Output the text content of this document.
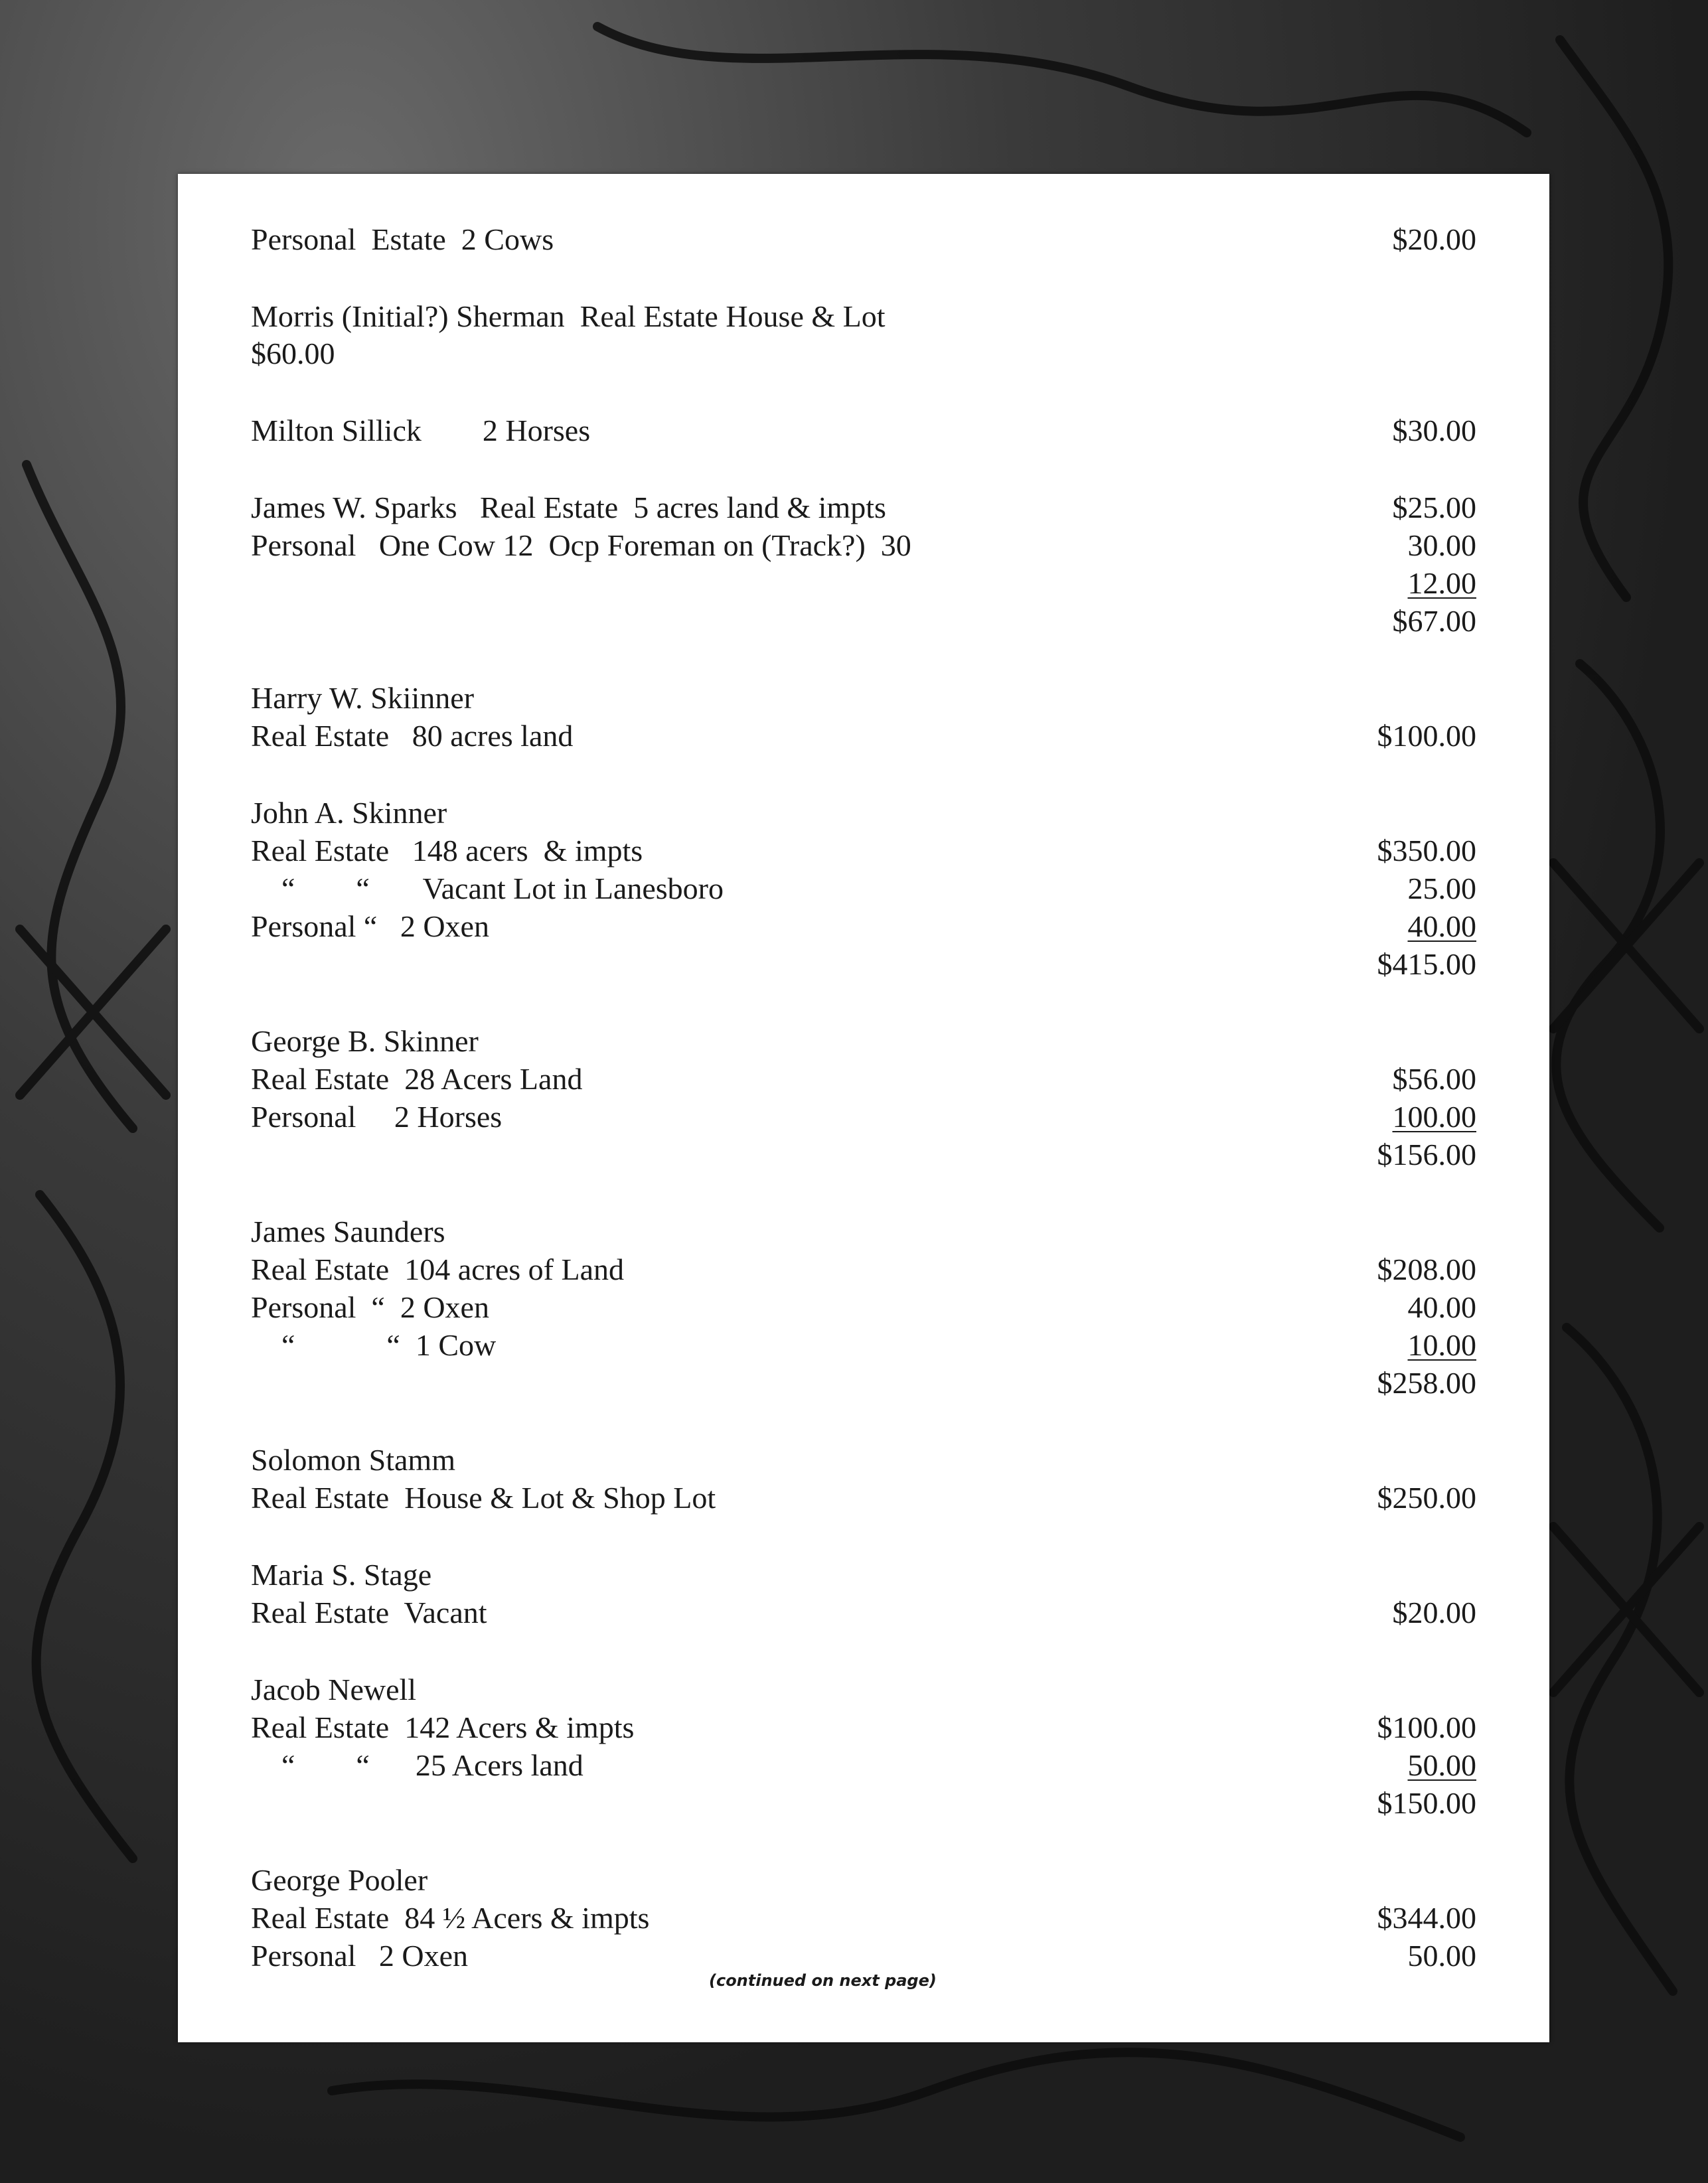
Personal  Estate  2 Cows	$20.00
Morris (Initial?) Sherman  Real Estate House & Lot
$60.00
Milton Sillick        2 Horses	$30.00
James W. Sparks   Real Estate  5 acres land & impts	$25.00
Personal   One Cow 12  Ocp Foreman on (Track?)  30	30.00
12.00
$67.00
Harry W. Skiinner
Real Estate   80 acres land	$100.00
John A. Skinner
Real Estate   148 acers  & impts	$350.00
“        “       Vacant Lot in Lanesboro	25.00
Personal “   2 Oxen	40.00
$415.00
George B. Skinner
Real Estate  28 Acers Land	$56.00
Personal     2 Horses	100.00
$156.00
James Saunders
Real Estate  104 acres of Land	$208.00
Personal  “  2 Oxen	40.00
“            “  1 Cow	10.00
$258.00
Solomon Stamm
Real Estate  House & Lot & Shop Lot	$250.00
Maria S. Stage
Real Estate  Vacant	$20.00
Jacob Newell
Real Estate  142 Acers & impts	$100.00
“        “      25 Acers land	50.00
$150.00
George Pooler
Real Estate  84 ½ Acers & impts	$344.00
Personal   2 Oxen	50.00
(continued on next page)
